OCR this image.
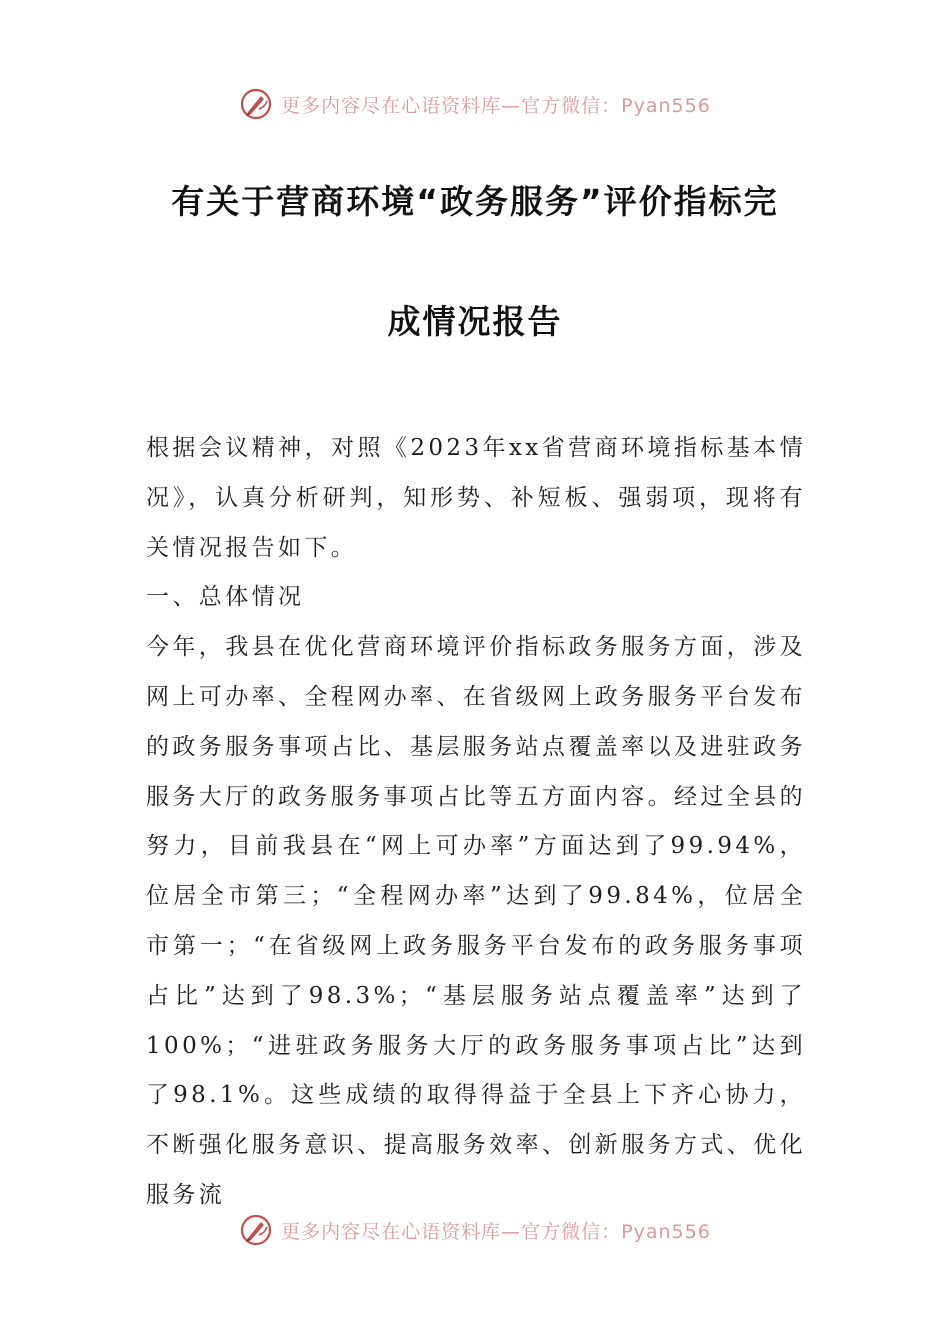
更多内容尽在心语资料库—官方微信：Pyan556
有关于营商环境“政务服务”评价指标完
成情况报告

根据会议精神，对照《2023年xx省营商环境指标基本情况》，认真分析研判，知形势、补短板、强弱项，现将有关情况报告如下。

一、总体情况

今年，我县在优化营商环境评价指标政务服务方面，涉及网上可办率、全程网办率、在省级网上政务服务平台发布的政务服务事项占比、基层服务站点覆盖率以及进驻政务服务大厅的政务服务事项占比等五方面内容。经过全县的努力，目前我县在“网上可办率”方面达到了99.94%，位居全市第三；“全程网办率”达到了99.84%，位居全市第一；“在省级网上政务服务平台发布的政务服务事项占比”达到了98.3%；“基层服务站点覆盖率”达到了100%；“进驻政务服务大厅的政务服务事项占比”达到了98.1%。这些成绩的取得得益于全县上下齐心协力，不断强化服务意识、提高服务效率、创新服务方式、优化服务流

更多内容尽在心语资料库—官方微信：Pyan556
